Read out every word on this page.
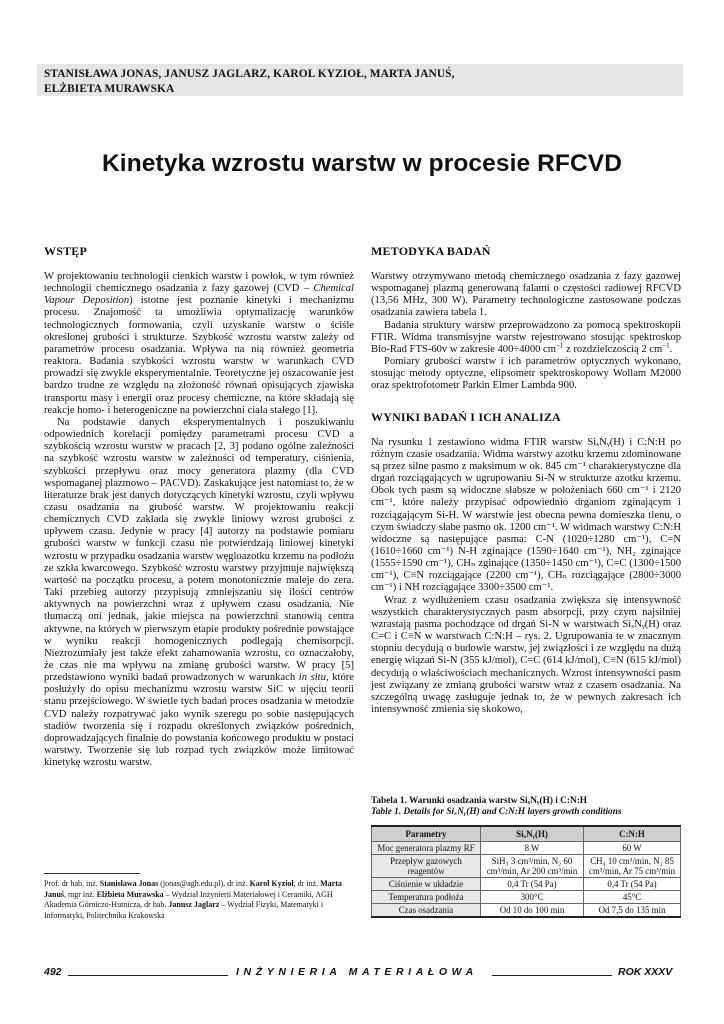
STANISŁAWA JONAS, JANUSZ JAGLARZ, KAROL KYZIOŁ, MARTA JANUŚ,
ELŻBIETA MURAWSKA
Kinetyka wzrostu warstw w procesie RFCVD
WSTĘP

W projektowaniu technologii cienkich warstw i powłok, w tym również technologii chemicznego osadzania z fazy gazowej (CVD – Chemical Vapour Deposition) istotne jest poznanie kinetyki i mechanizmu procesu. Znajomość ta umożliwia optymalizację warunków technologicznych formowania, czyli uzyskanie warstw o ściśle określonej grubości i strukturze. Szybkość wzrostu warstw zależy od parametrów procesu osadzania. Wpływa na nią również geometria reaktora. Badania szybkości wzrostu warstw w warunkach CVD prowadzi się zwykle eksperymentalnie. Teoretyczne jej oszacowanie jest bardzo trudne ze względu na złożoność równań opisujących zjawiska transportu masy i energii oraz procesy chemiczne, na które składają się reakcje homo- i heterogeniczne na powierzchni ciała stałego [1].

Na podstawie danych eksperymentalnych i poszukiwaniu odpowiednich korelacji pomiędzy parametrami procesu CVD a szybkością wzrostu warstw w pracach [2, 3] podano ogólne zależności na szybkość wzrostu warstw w zależności od temperatury, ciśnienia, szybkości przepływu oraz mocy generatora plazmy (dla CVD wspomaganej plazmowo – PACVD). Zaskakujące jest natomiast to, że w literaturze brak jest danych dotyczących kinetyki wzrostu, czyli wpływu czasu osadzania na grubość warstw. W projektowaniu reakcji chemicznych CVD zakłada się zwykle liniowy wzrost grubości z upływem czasu. Jedynie w pracy [4] autorzy na podstawie pomiaru grubości warstw w funkcji czasu nie potwierdzają liniowej kinetyki wzrostu w przypadku osadzania warstw węgloazotku krzemu na podłożu ze szkła kwarcowego. Szybkość wzrostu warstwy przyjmuje największą wartość na początku procesu, a potem monotonicznie maleje do zera. Taki przebieg autorzy przypisują zmniejszaniu się ilości centrów aktywnych na powierzchni wraz z upływem czasu osadzania. Nie tłumaczą oni jednak, jakie miejsca na powierzchni stanowią centra aktywne, na których w pierwszym etapie produkty pośrednie powstające w wyniku reakcji homogenicznych podlegają chemisorpcji. Niezrozumiały jest także efekt zahamowania wzrostu, co oznaczałoby, że czas nie ma wpływu na zmianę grubości warstw. W pracy [5] przedstawiono wyniki badań prowadzonych w warunkach in situ, które posłużyły do opisu mechanizmu wzrostu warstw SiC w ujęciu teorii stanu przejściowego. W świetle tych badań proces osadzania w metodzie CVD należy rozpatrywać jako wynik szeregu po sobie następujących stadiów tworzenia się i rozpadu określonych związków pośrednich, doprowadzających finalnie do powstania końcowego produktu w postaci warstwy. Tworzenie się lub rozpad tych związków może limitować kinetykę wzrostu warstw.

Prof. dr hab. inż. Stanisława Jonas (jonas@agh.edu.pl), dr inż. Karol Kyzioł, dr inż. Marta Januś, mgr inż. Elżbieta Murawska – Wydział Inżynierii Materiałowej i Ceramiki, AGH Akademia Górniczo-Hutnicza, dr hab. Janusz Jaglarz – Wydział Fizyki, Matematyki i Informatyki, Politechnika Krakowska
METODYKA BADAŃ

Warstwy otrzymywano metodą chemicznego osadzania z fazy gazowej wspomaganej plazmą generowaną falami o częstości radiowej RFCVD (13,56 MHz, 300 W). Parametry technologiczne zastosowane podczas osadzania zawiera tabela 1.

Badania struktury warstw przeprowadzono za pomocą spektroskopii FTIR. Widma transmisyjne warstw rejestrowano stosując spektroskop Bio-Rad FTS-60v w zakresie 400÷4000 $cm^{-1}$ z rozdzielczością 2 $cm^{-1}$.

Pomiary grubości warstw i ich parametrów optycznych wykonano, stosując metody optyczne, elipsometr spektroskopowy Wollam M2000 oraz spektrofotometr Parkin Elmer Lambda 900.

WYNIKI BADAŃ I ICH ANALIZA

Na rysunku 1 zestawiono widma FTIR warstw SiₓNᵧ(H) i C:N:H po różnym czasie osadzania. Widma warstwy azotku krzemu zdominowane są przez silne pasmo z maksimum w ok. 845 cm⁻¹ charakterystyczne dla drgań rozciągających w ugrupowaniu Si-N w strukturze azotku krzemu. Obok tych pasm są widoczne słabsze w położeniach 660 cm⁻¹ i 2120 cm⁻¹, które należy przypisać odpowiednio drganiom zginającym i rozciągającym Si-H. W warstwie jest obecna pewna domieszka tlenu, o czym świadczy słabe pasmo ok. 1200 cm⁻¹. W widmach warstwy C:N:H widoczne są następujące pasma: C-N (1020÷1280 cm⁻¹), C=N (1610÷1660 cm⁻¹) N-H zginające (1590÷1640 cm⁻¹), NH₂ zginające (1555÷1590 cm⁻¹), CHₙ zginające (1350÷1450 cm⁻¹), C=C (1300÷1500 cm⁻¹), C≡N rozciągające (2200 cm⁻¹), CHₙ rozciągające (2800÷3000 cm⁻¹) i NH rozciągające 3300÷3500 cm⁻¹.

Wraz z wydłużeniem czasu osadzania zwiększa się intensywność wszystkich charakterystycznych pasm absorpcji, przy czym najsilniej wzrastają pasma pochodzące od drgań Si-N w warstwach SiₓNᵧ(H) oraz C=C i C≡N w warstwach C:N:H – rys. 2. Ugrupowania te w znacznym stopniu decydują o budowie warstw, jej związłości i ze względu na dużą energię wiązań Si-N (355 kJ/mol), C=C (614 kJ/mol), C≡N (615 kJ/mol) decydują o właściwościach mechanicznych. Wzrost intensywności pasm jest związany ze zmianą grubości warstw wraz z czasem osadzania. Na szczególną uwagę zasługuje jednak to, że w pewnych zakresach ich intensywność zmienia się skokowo,

Tabela 1. Warunki osadzania warstw SiₓNᵧ(H) i C:N:H
Table 1. Details for SiₓNᵧ(H) and C:N:H layers growth conditions
Parametry	SiₓNᵧ(H)	C:N:H
Moc generatora plazmy RF	8 W	60 W
Przepływ gazowych reagentów	SiH₃ 3 cm³/min, N₂ 60 cm³/min, Ar 200 cm³/min	CH₄ 10 cm³/min, N₂ 85 cm³/min, Ar 75 cm³/min
Ciśnienie w układzie	0,4 Tr (54 Pa)	0,4 Tr (54 Pa)
Temperatura podłoża	300°C	45°C
Czas osadzania	Od 10 do 100 min	Od 7,5 do 135 min
492	INŻYNIERIA MATERIAŁOWA	ROK XXXV
